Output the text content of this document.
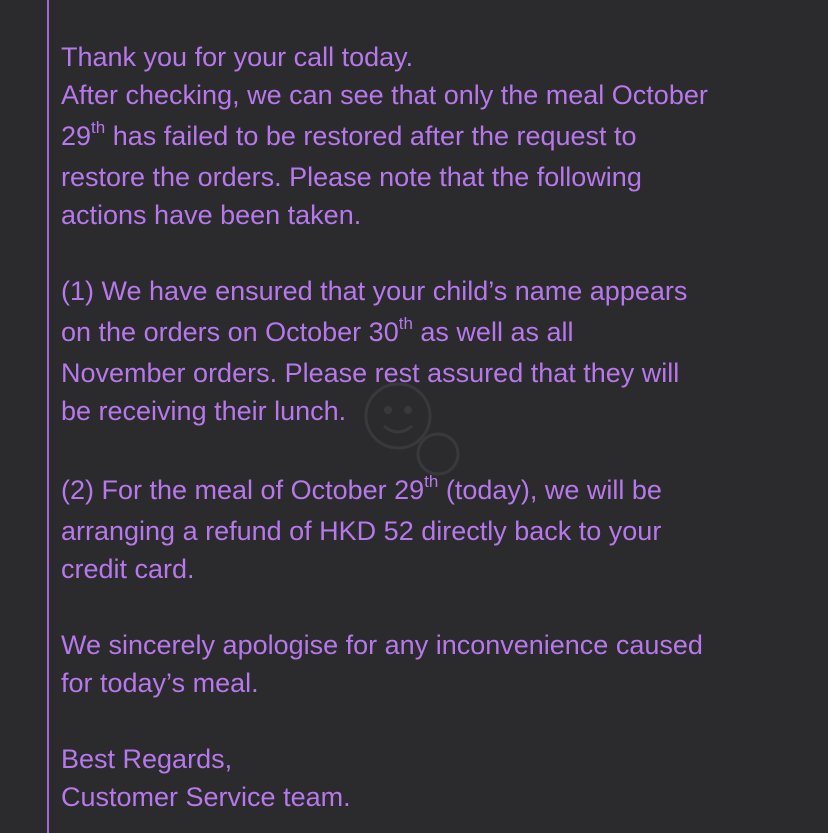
Thank you for your call today.
After checking, we can see that only the meal October
29th has failed to be restored after the request to
restore the orders. Please note that the following
actions have been taken.
(1) We have ensured that your child’s name appears
on the orders on October 30th as well as all
November orders. Please rest assured that they will
be receiving their lunch.
(2) For the meal of October 29th (today), we will be
arranging a refund of HKD 52 directly back to your
credit card.
We sincerely apologise for any inconvenience caused
for today’s meal.
Best Regards,
Customer Service team.
